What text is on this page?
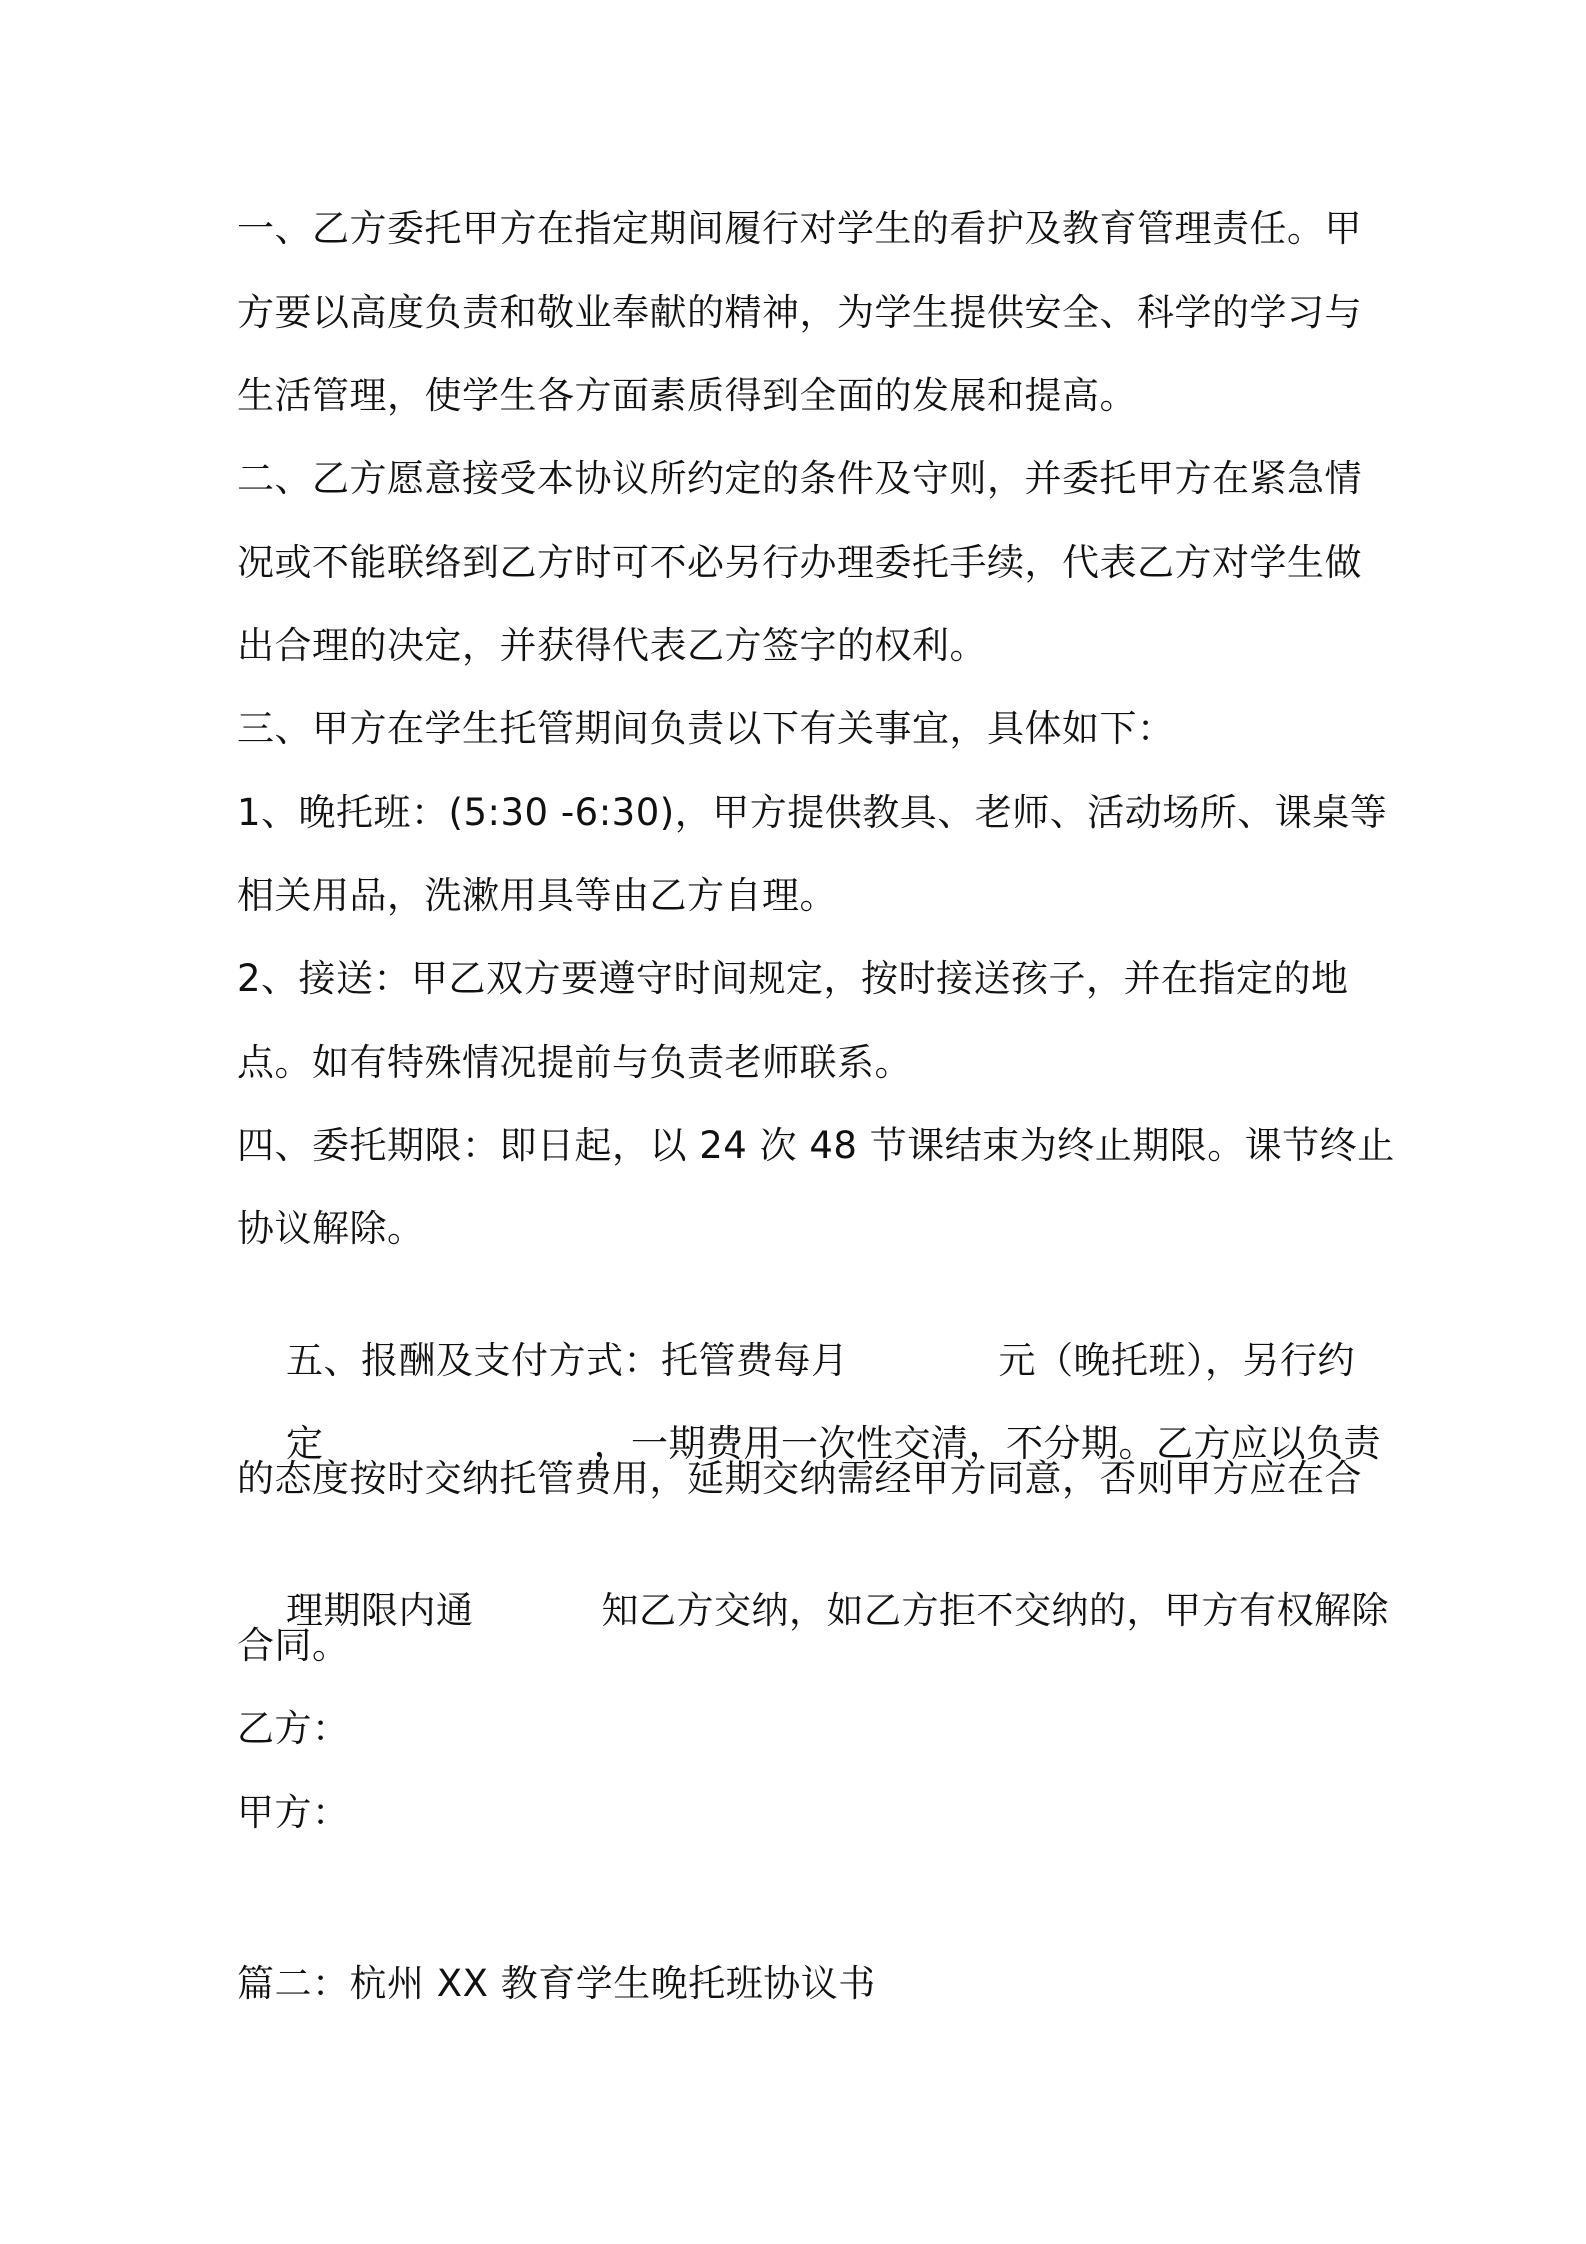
一、乙方委托甲方在指定期间履行对学生的看护及教育管理责任。甲
方要以高度负责和敬业奉献的精神，为学生提供安全、科学的学习与
生活管理，使学生各方面素质得到全面的发展和提高。
二、乙方愿意接受本协议所约定的条件及守则，并委托甲方在紧急情
况或不能联络到乙方时可不必另行办理委托手续，代表乙方对学生做
出合理的决定，并获得代表乙方签字的权利。
三、甲方在学生托管期间负责以下有关事宜，具体如下：
1、晚托班：(5:30 -6:30)，甲方提供教具、老师、活动场所、课桌等
相关用品，洗漱用具等由乙方自理。
2、接送：甲乙双方要遵守时间规定，按时接送孩子，并在指定的地
点。如有特殊情况提前与负责老师联系。
四、委托期限：即日起，以 24 次 48 节课结束为终止期限。课节终止
协议解除。

五、报酬及支付方式：托管费每月	元（晚托班），另行约

定	，一期费用一次性交清，不分期。乙方应以负责

的态度按时交纳托管费用，延期交纳需经甲方同意，否则甲方应在合

理期限内通	知乙方交纳，如乙方拒不交纳的，甲方有权解除

合同。
乙方：
甲方：
篇二：杭州 XX 教育学生晚托班协议书
